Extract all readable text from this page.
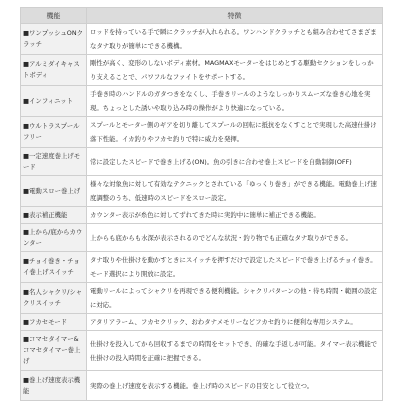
機能	特徴
■ワンプッシュONクラッチ	ロッドを持っている手で瞬にクラッチが入れられる。ワンハンドクラッチとも組み合わせてさまざまなタナ取りが簡単にできる機構。
■アルミダイキャストボディ	剛性が高く、変形のしないボディ素材。MAGMAXモーターをはじめとする駆動セクションをしっかり支えることで、パワフルなファイトをサポートする。
■インフィニット	手巻き時のハンドルのガタつきをなくし、手巻きリールのようなしっかりスムーズな巻き心地を実現。ちょっとした誘いや取り込み時の操作がより快適になっている。
■ウルトラスプールフリー	スプールとモーター側のギアを切り離してスプールの回転に抵抗をなくすことで実現した高速仕掛け落下性能。イカ釣りやフカセ釣りで特に威力を発揮。
■一定速度巻上げモード	常に設定したスピードで巻き上げる(ON)。魚の引きに合わせ巻上スピードを自動制御(OFF)
■電動スロー巻上げ	様々な対象魚に対して有効なテクニックとされている「ゆっくり巻き」ができる機能。電動巻上げ速度調整のうち、低速時のスピードをスロー設定。
■表示補正機能	カウンター表示が糸色に対してずれてきた時に実釣中に簡単に補正できる機能。
■上から/底からカウンター	上からも底からも水深が表示されるのでどんな状況・釣り物でも正確なタナ取りができる。
■チョイ巻き・チョイ巻上げスイッチ	タナ取りや仕掛けを動かすときにスイッチを押すだけで設定したスピードで巻き上げるチョイ巻き。モード選択により開放に設定。
■名人シャクリ/シャクリスイッチ	電動リールによってシャクリを再現できる便利機能。シャクリパターンの他・待ち時間・範囲の設定に対応。
■フカセモード	アタリアラーム、フカセクリック、おわタナメモリーなどフカセ釣りに便利な専用システム。
■コマセタイマー&コマセタイマー巻上げ	仕掛けを投入してから回収するまでの時間をセットでき、的確な手返しが可能。タイマー表示機能で仕掛けの投入時間を正確に把握できる。
■巻上げ速度表示機能	実際の巻上げ速度を表示する機能。巻上げ時のスピードの目安として役立つ。
